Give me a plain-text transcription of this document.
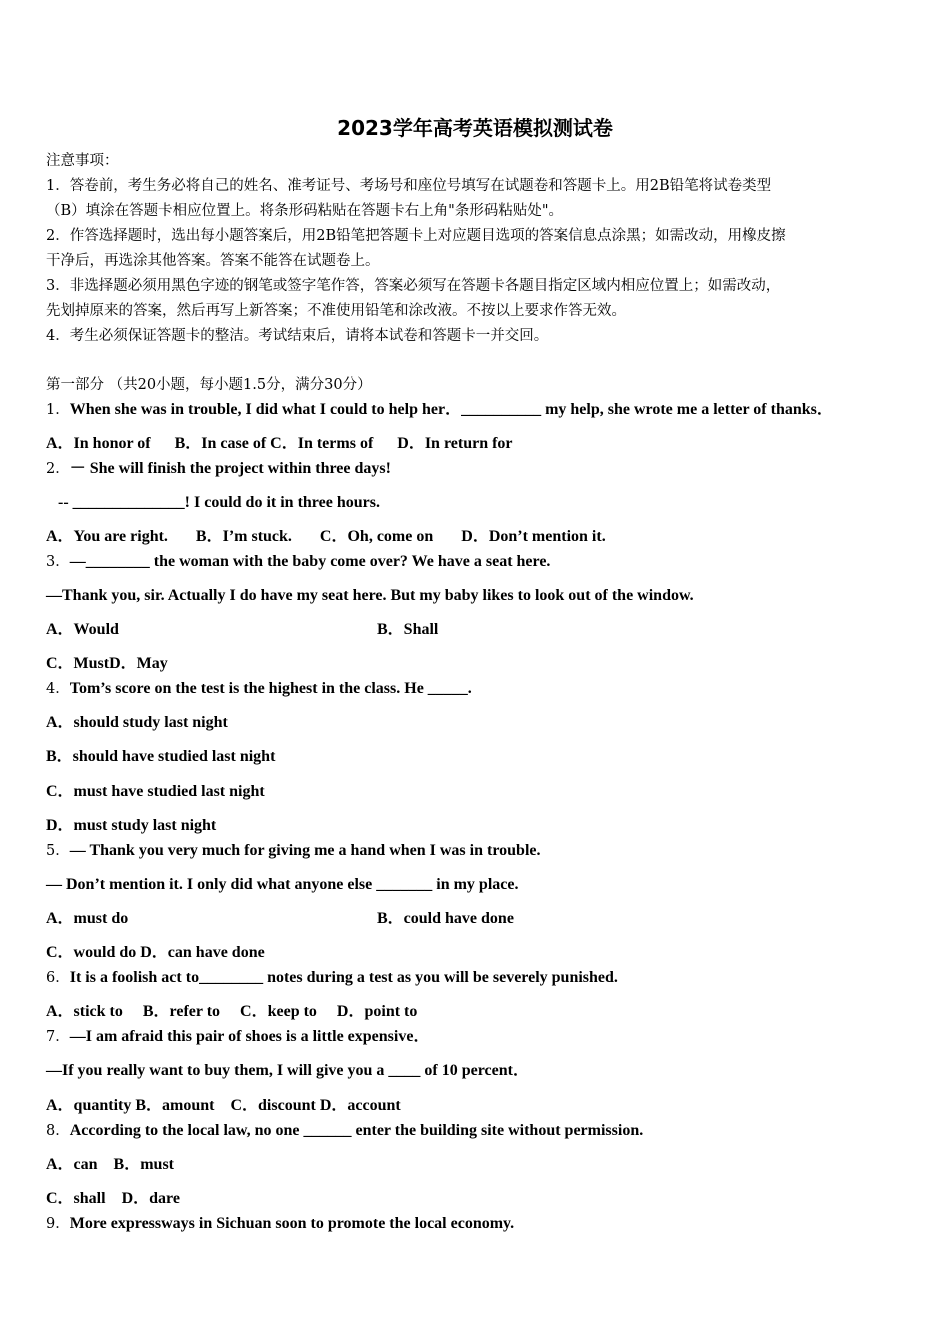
2023学年高考英语模拟测试卷
注意事项：
1．答卷前，考生务必将自己的姓名、准考证号、考场号和座位号填写在试题卷和答题卡上。用2B铅笔将试卷类型
（B）填涂在答题卡相应位置上。将条形码粘贴在答题卡右上角"条形码粘贴处"。
2．作答选择题时，选出每小题答案后，用2B铅笔把答题卡上对应题目选项的答案信息点涂黑；如需改动，用橡皮擦
干净后，再选涂其他答案。答案不能答在试题卷上。
3．非选择题必须用黑色字迹的钢笔或签字笔作答，答案必须写在答题卡各题目指定区域内相应位置上；如需改动，
先划掉原来的答案，然后再写上新答案；不准使用铅笔和涂改液。不按以上要求作答无效。
4．考生必须保证答题卡的整洁。考试结束后，请将本试卷和答题卡一并交回。
第一部分 （共20小题，每小题1.5分，满分30分）
1．When she was in trouble, I did what I could to help her．__________ my help, she wrote me a letter of thanks．
A．In honor of      B．In case of C．In terms of      D．In return for
2．－ She will finish the project within three days!
-- ______________! I could do it in three hours.
A．You are right.       B．I’m stuck.       C．Oh, come on       D．Don’t mention it.
3．—________ the woman with the baby come over? We have a seat here.
—Thank you, sir. Actually I do have my seat here. But my baby likes to look out of the window.
A．Would	B．Shall
C．MustD．May
4．Tom’s score on the test is the highest in the class. He _____.
A．should study last night
B．should have studied last night
C．must have studied last night
D．must study last night
5．— Thank you very much for giving me a hand when I was in trouble.
— Don’t mention it. I only did what anyone else _______ in my place.
A．must do	B．could have done
C．would do D．can have done
6．It is a foolish act to________ notes during a test as you will be severely punished.
A．stick to     B．refer to     C．keep to     D．point to
7．—I am afraid this pair of shoes is a little expensive．
—If you really want to buy them, I will give you a ____ of 10 percent．
A．quantity B．amount    C．discount D．account
8．According to the local law, no one ______ enter the building site without permission.
A．can    B．must
C．shall    D．dare
9．More expressways in Sichuan soon to promote the local economy.
